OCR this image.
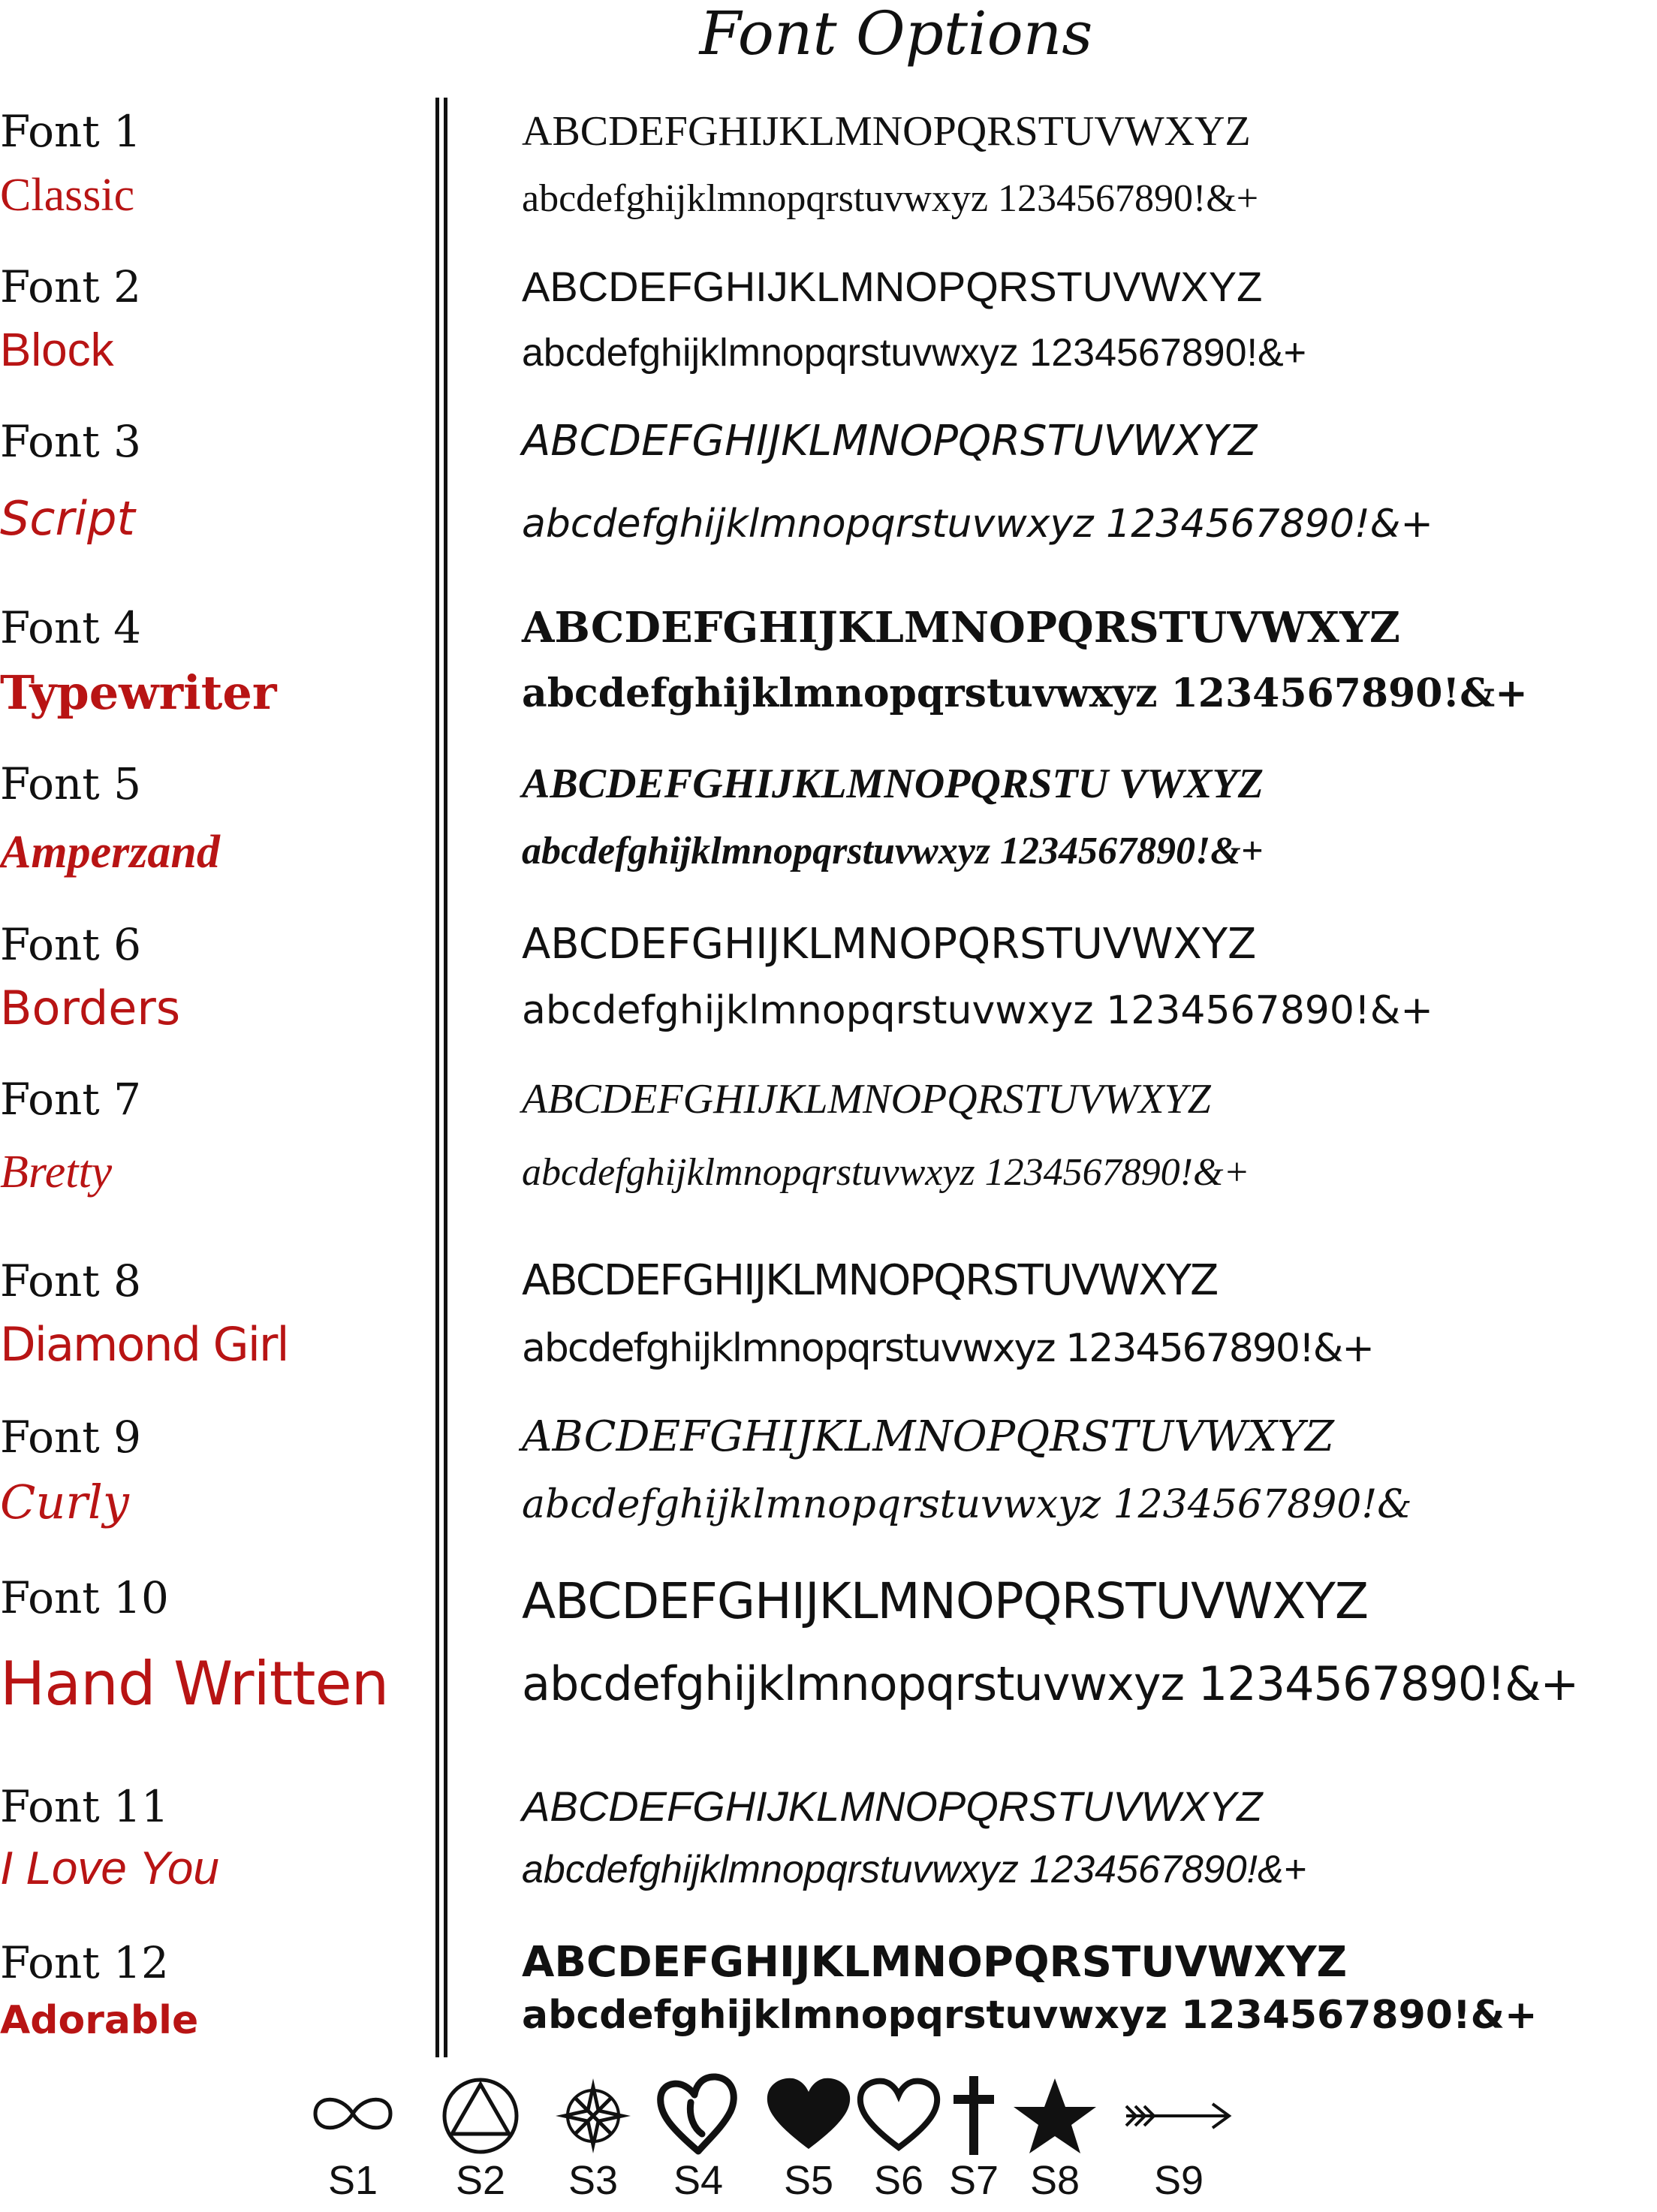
Font Options
Font 1
Classic
ABCDEFGHIJKLMNOPQRSTUVWXYZ
abcdefghijklmnopqrstuvwxyz 1234567890!&+
Font 2
Block
ABCDEFGHIJKLMNOPQRSTUVWXYZ
abcdefghijklmnopqrstuvwxyz 1234567890!&+
Font 3
Script
ABCDEFGHIJKLMNOPQRSTUVWXYZ
abcdefghijklmnopqrstuvwxyz 1234567890!&+
Font 4
Typewriter
ABCDEFGHIJKLMNOPQRSTUVWXYZ
abcdefghijklmnopqrstuvwxyz 1234567890!&+
Font 5
Amperzand
ABCDEFGHIJKLMNOPQRSTU VWXYZ
abcdefghijklmnopqrstuvwxyz 1234567890!&+
Font 6
Borders
ABCDEFGHIJKLMNOPQRSTUVWXYZ
abcdefghijklmnopqrstuvwxyz 1234567890!&+
Font 7
Bretty
ABCDEFGHIJKLMNOPQRSTUVWXYZ
abcdefghijklmnopqrstuvwxyz 1234567890!&+
Font 8
Diamond Girl
ABCDEFGHIJKLMNOPQRSTUVWXYZ
abcdefghijklmnopqrstuvwxyz 1234567890!&+
Font 9
Curly
ABCDEFGHIJKLMNOPQRSTUVWXYZ
abcdefghijklmnopqrstuvwxyz 1234567890!&
Font 10
Hand Written
ABCDEFGHIJKLMNOPQRSTUVWXYZ
abcdefghijklmnopqrstuvwxyz 1234567890!&+
Font 11
I Love You
ABCDEFGHIJKLMNOPQRSTUVWXYZ
abcdefghijklmnopqrstuvwxyz 1234567890!&+
Font 12
Adorable
ABCDEFGHIJKLMNOPQRSTUVWXYZ
abcdefghijklmnopqrstuvwxyz 1234567890!&+
S1	S2	S3	S4	S5 S6 S7 S8	S9
